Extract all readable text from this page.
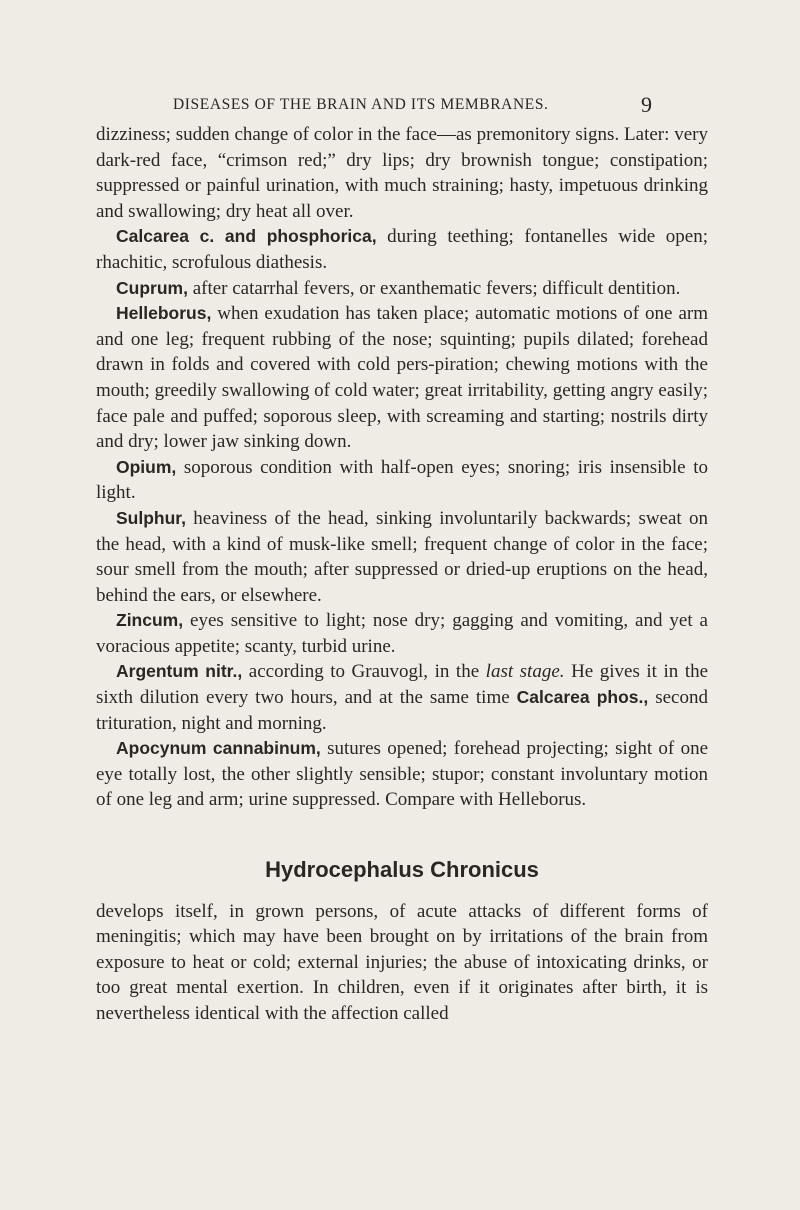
DISEASES OF THE BRAIN AND ITS MEMBRANES.	9

dizziness; sudden change of color in the face—as premonitory signs. Later: very dark-red face, “crimson red;” dry lips; dry brownish tongue; constipation; suppressed or painful urination, with much straining; hasty, impetuous drinking and swallowing; dry heat all over.

Calcarea c. and phosphorica, during teething; fontanelles wide open; rhachitic, scrofulous diathesis.

Cuprum, after catarrhal fevers, or exanthematic fevers; difficult dentition.

Helleborus, when exudation has taken place; automatic motions of one arm and one leg; frequent rubbing of the nose; squinting; pupils dilated; forehead drawn in folds and covered with cold pers-piration; chewing motions with the mouth; greedily swallowing of cold water; great irritability, getting angry easily; face pale and puffed; soporous sleep, with screaming and starting; nostrils dirty and dry; lower jaw sinking down.

Opium, soporous condition with half-open eyes; snoring; iris insensible to light.

Sulphur, heaviness of the head, sinking involuntarily backwards; sweat on the head, with a kind of musk-like smell; frequent change of color in the face; sour smell from the mouth; after suppressed or dried-up eruptions on the head, behind the ears, or elsewhere.

Zincum, eyes sensitive to light; nose dry; gagging and vomiting, and yet a voracious appetite; scanty, turbid urine.

Argentum nitr., according to Grauvogl, in the last stage. He gives it in the sixth dilution every two hours, and at the same time Calcarea phos., second trituration, night and morning.

Apocynum cannabinum, sutures opened; forehead projecting; sight of one eye totally lost, the other slightly sensible; stupor; constant involuntary motion of one leg and arm; urine suppressed. Compare with Helleborus.

Hydrocephalus Chronicus

develops itself, in grown persons, of acute attacks of different forms of meningitis; which may have been brought on by irritations of the brain from exposure to heat or cold; external injuries; the abuse of intoxicating drinks, or too great mental exertion. In children, even if it originates after birth, it is nevertheless identical with the affection called
